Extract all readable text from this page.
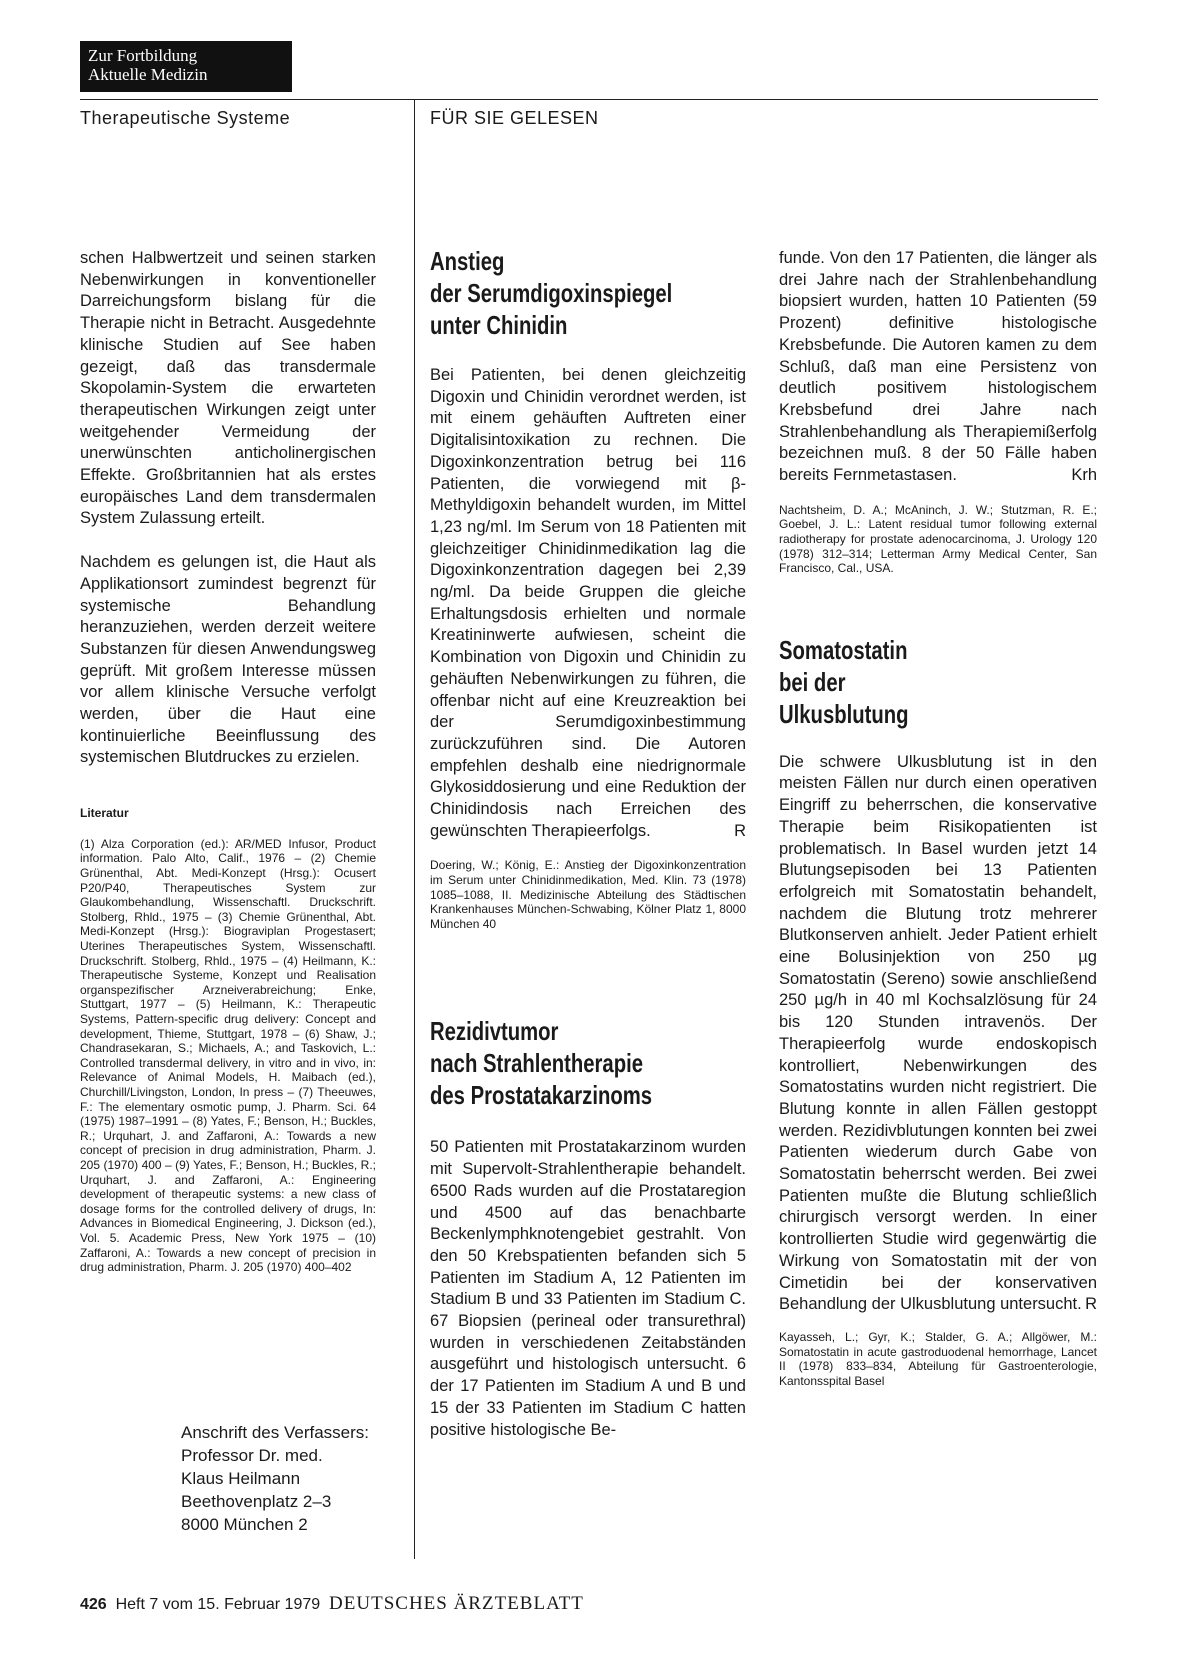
Zur Fortbildung
Aktuelle Medizin
Therapeutische Systeme	FÜR SIE GELESEN

schen Halbwertzeit und seinen starken Nebenwirkungen in konventioneller Darreichungsform bislang für die Therapie nicht in Betracht. Ausgedehnte klinische Studien auf See haben gezeigt, daß das transdermale Skopolamin-System die erwarteten therapeutischen Wirkungen zeigt unter weitgehender Vermeidung der unerwünschten anticholinergischen Effekte. Großbritannien hat als erstes europäisches Land dem transdermalen System Zulassung erteilt.

Nachdem es gelungen ist, die Haut als Applikationsort zumindest begrenzt für systemische Behandlung heranzuziehen, werden derzeit weitere Substanzen für diesen Anwendungsweg geprüft. Mit großem Interesse müssen vor allem klinische Versuche verfolgt werden, über die Haut eine kontinuierliche Beeinflussung des systemischen Blutdruckes zu erzielen.

Literatur

(1) Alza Corporation (ed.): AR/MED Infusor, Product information. Palo Alto, Calif., 1976 – (2) Chemie Grünenthal, Abt. Medi-Konzept (Hrsg.): Ocusert P20/P40, Therapeutisches System zur Glaukombehandlung, Wissenschaftl. Druckschrift. Stolberg, Rhld., 1975 – (3) Chemie Grünenthal, Abt. Medi-Konzept (Hrsg.): Biograviplan Progestasert; Uterines Therapeutisches System, Wissenschaftl. Druckschrift. Stolberg, Rhld., 1975 – (4) Heilmann, K.: Therapeutische Systeme, Konzept und Realisation organspezifischer Arzneiverabreichung; Enke, Stuttgart, 1977 – (5) Heilmann, K.: Therapeutic Systems, Pattern-specific drug delivery: Concept and development, Thieme, Stuttgart, 1978 – (6) Shaw, J.; Chandrasekaran, S.; Michaels, A.; and Taskovich, L.: Controlled transdermal delivery, in vitro and in vivo, in: Relevance of Animal Models, H. Maibach (ed.), Churchill/Livingston, London, In press – (7) Theeuwes, F.: The elementary osmotic pump, J. Pharm. Sci. 64 (1975) 1987–1991 – (8) Yates, F.; Benson, H.; Buckles, R.; Urquhart, J. and Zaffaroni, A.: Towards a new concept of precision in drug administration, Pharm. J. 205 (1970) 400 – (9) Yates, F.; Benson, H.; Buckles, R.; Urquhart, J. and Zaffaroni, A.: Engineering development of therapeutic systems: a new class of dosage forms for the controlled delivery of drugs, In: Advances in Biomedical Engineering, J. Dickson (ed.), Vol. 5. Academic Press, New York 1975 – (10) Zaffaroni, A.: Towards a new concept of precision in drug administration, Pharm. J. 205 (1970) 400–402

Anschrift des Verfassers:
Professor Dr. med.
Klaus Heilmann
Beethovenplatz 2–3
8000 München 2
Anstieg
der Serumdigoxinspiegel
unter Chinidin

Bei Patienten, bei denen gleichzeitig Digoxin und Chinidin verordnet werden, ist mit einem gehäuften Auftreten einer Digitalisintoxikation zu rechnen. Die Digoxinkonzentration betrug bei 116 Patienten, die vorwiegend mit β-Methyldigoxin behandelt wurden, im Mittel 1,23 ng/ml. Im Serum von 18 Patienten mit gleichzeitiger Chinidinmedikation lag die Digoxinkonzentration dagegen bei 2,39 ng/ml. Da beide Gruppen die gleiche Erhaltungsdosis erhielten und normale Kreatininwerte aufwiesen, scheint die Kombination von Digoxin und Chinidin zu gehäuften Nebenwirkungen zu führen, die offenbar nicht auf eine Kreuzreaktion bei der Serumdigoxinbestimmung zurückzuführen sind. Die Autoren empfehlen deshalb eine niedrignormale Glykosiddosierung und eine Reduktion der Chinidindosis nach Erreichen des gewünschten Therapieerfolgs.	R

Doering, W.; König, E.: Anstieg der Digoxinkonzentration im Serum unter Chinidinmedikation, Med. Klin. 73 (1978) 1085–1088, II. Medizinische Abteilung des Städtischen Krankenhauses München-Schwabing, Kölner Platz 1, 8000 München 40

Rezidivtumor
nach Strahlentherapie
des Prostatakarzinoms

50 Patienten mit Prostatakarzinom wurden mit Supervolt-Strahlentherapie behandelt. 6500 Rads wurden auf die Prostataregion und 4500 auf das benachbarte Beckenlymphknotengebiet gestrahlt. Von den 50 Krebspatienten befanden sich 5 Patienten im Stadium A, 12 Patienten im Stadium B und 33 Patienten im Stadium C. 67 Biopsien (perineal oder transurethral) wurden in verschiedenen Zeitabständen ausgeführt und histologisch untersucht. 6 der 17 Patienten im Stadium A und B und 15 der 33 Patienten im Stadium C hatten positive histologische Be-

funde. Von den 17 Patienten, die länger als drei Jahre nach der Strahlenbehandlung biopsiert wurden, hatten 10 Patienten (59 Prozent) definitive histologische Krebsbefunde. Die Autoren kamen zu dem Schluß, daß man eine Persistenz von deutlich positivem histologischem Krebsbefund drei Jahre nach Strahlenbehandlung als Therapiemißerfolg bezeichnen muß. 8 der 50 Fälle haben bereits Fernmetastasen.	Krh

Nachtsheim, D. A.; McAninch, J. W.; Stutzman, R. E.; Goebel, J. L.: Latent residual tumor following external radiotherapy for prostate adenocarcinoma, J. Urology 120 (1978) 312–314; Letterman Army Medical Center, San Francisco, Cal., USA.

Somatostatin
bei der
Ulkusblutung

Die schwere Ulkusblutung ist in den meisten Fällen nur durch einen operativen Eingriff zu beherrschen, die konservative Therapie beim Risikopatienten ist problematisch. In Basel wurden jetzt 14 Blutungsepisoden bei 13 Patienten erfolgreich mit Somatostatin behandelt, nachdem die Blutung trotz mehrerer Blutkonserven anhielt. Jeder Patient erhielt eine Bolusinjektion von 250 µg Somatostatin (Sereno) sowie anschließend 250 µg/h in 40 ml Kochsalzlösung für 24 bis 120 Stunden intravenös. Der Therapieerfolg wurde endoskopisch kontrolliert, Nebenwirkungen des Somatostatins wurden nicht registriert. Die Blutung konnte in allen Fällen gestoppt werden. Rezidivblutungen konnten bei zwei Patienten wiederum durch Gabe von Somatostatin beherrscht werden. Bei zwei Patienten mußte die Blutung schließlich chirurgisch versorgt werden. In einer kontrollierten Studie wird gegenwärtig die Wirkung von Somatostatin mit der von Cimetidin bei der konservativen Behandlung der Ulkusblutung untersucht. R

Kayasseh, L.; Gyr, K.; Stalder, G. A.; Allgöwer, M.: Somatostatin in acute gastroduodenal hemorrhage, Lancet II (1978) 833–834, Abteilung für Gastroenterologie, Kantonsspital Basel

426 Heft 7 vom 15. Februar 1979 DEUTSCHES ÄRZTEBLATT
